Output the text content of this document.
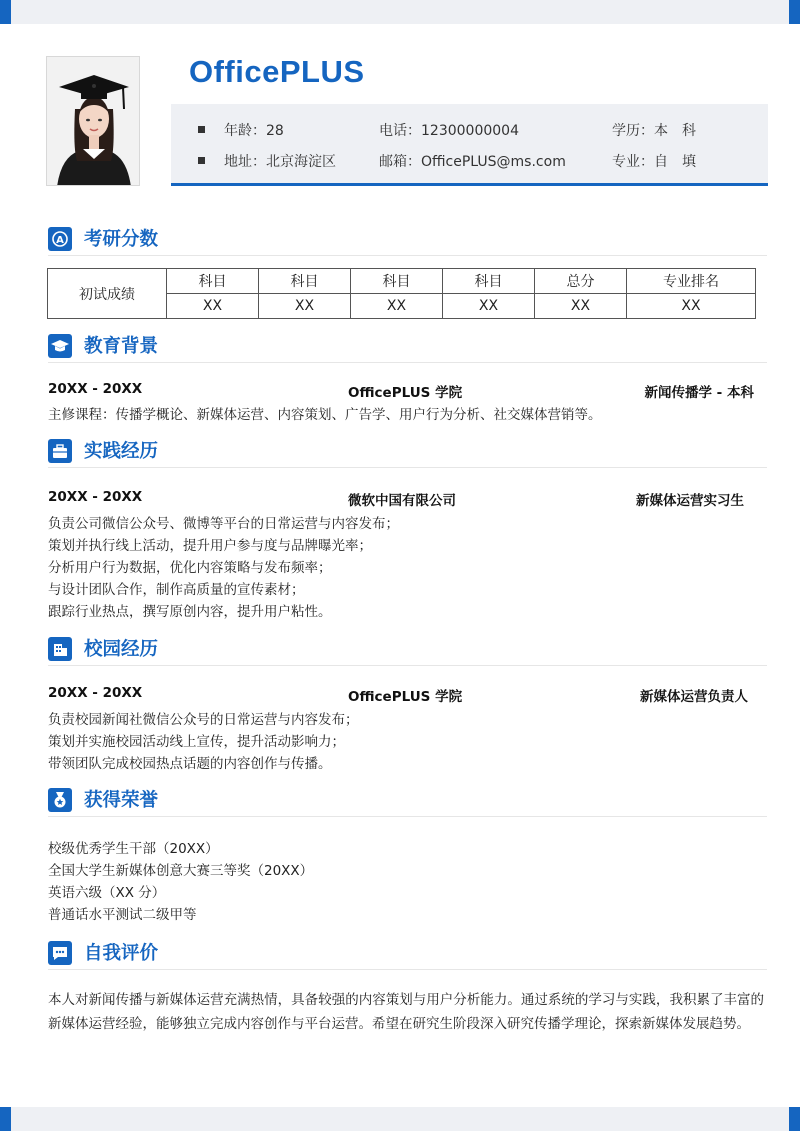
OfficePLUS
年龄：28	电话：12300000004	学历：本　科
地址：北京海淀区	邮箱：OfficePLUS@ms.com	专业：自　填
A 考研分数
初试成绩	科目	科目	科目	科目	总分	专业排名
	XX	XX	XX	XX	XX	XX
教育背景
20XX - 20XX	OfficePLUS 学院	新闻传播学 - 本科
主修课程：传播学概论、新媒体运营、内容策划、广告学、用户行为分析、社交媒体营销等。
实践经历
20XX - 20XX	微软中国有限公司	新媒体运营实习生
负责公司微信公众号、微博等平台的日常运营与内容发布；
策划并执行线上活动，提升用户参与度与品牌曝光率；
分析用户行为数据，优化内容策略与发布频率；
与设计团队合作，制作高质量的宣传素材；
跟踪行业热点，撰写原创内容，提升用户粘性。
校园经历
20XX - 20XX	OfficePLUS 学院	新媒体运营负责人
负责校园新闻社微信公众号的日常运营与内容发布；
策划并实施校园活动线上宣传，提升活动影响力；
带领团队完成校园热点话题的内容创作与传播。
获得荣誉
校级优秀学生干部（20XX）
全国大学生新媒体创意大赛三等奖（20XX）
英语六级（XX 分）
普通话水平测试二级甲等
自我评价
本人对新闻传播与新媒体运营充满热情，具备较强的内容策划与用户分析能力。通过系统的学习与实践，我积累了丰富的新媒体运营经验，能够独立完成内容创作与平台运营。希望在研究生阶段深入研究传播学理论，探索新媒体发展趋势。
